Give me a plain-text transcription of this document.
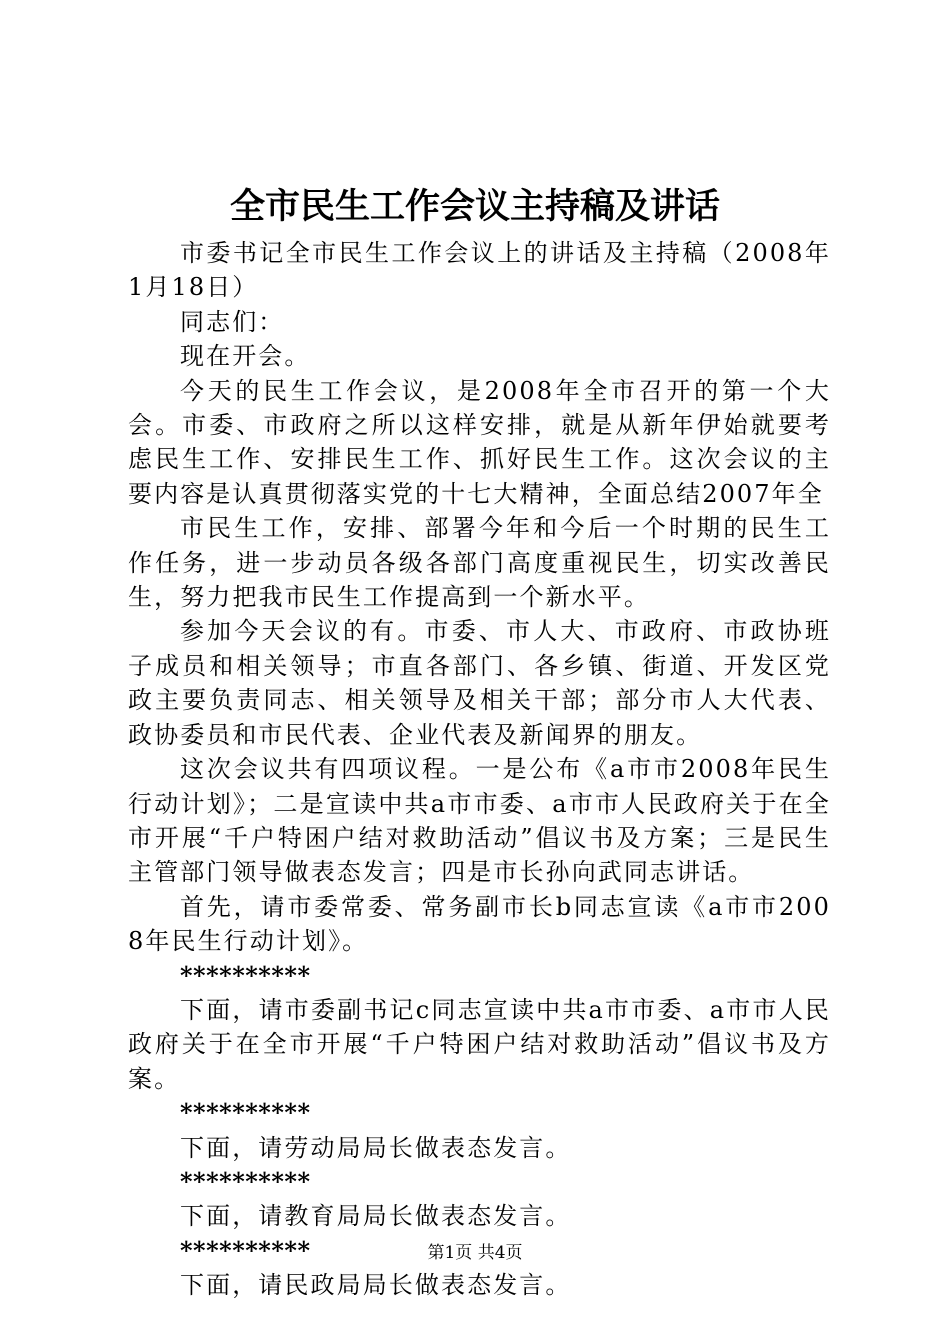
全市民生工作会议主持稿及讲话

市委书记全市民生工作会议上的讲话及主持稿（2008年1月18日）

同志们：

现在开会。

今天的民生工作会议，是2008年全市召开的第一个大会。市委、市政府之所以这样安排，就是从新年伊始就要考虑民生工作、安排民生工作、抓好民生工作。这次会议的主要内容是认真贯彻落实党的十七大精神，全面总结2007年全

市民生工作，安排、部署今年和今后一个时期的民生工作任务，进一步动员各级各部门高度重视民生，切实改善民生，努力把我市民生工作提高到一个新水平。

参加今天会议的有。市委、市人大、市政府、市政协班子成员和相关领导；市直各部门、各乡镇、街道、开发区党政主要负责同志、相关领导及相关干部；部分市人大代表、政协委员和市民代表、企业代表及新闻界的朋友。

这次会议共有四项议程。一是公布《a市市2008年民生行动计划》；二是宣读中共a市市委、a市市人民政府关于在全市开展“千户特困户结对救助活动”倡议书及方案；三是民生主管部门领导做表态发言；四是市长孙向武同志讲话。

首先，请市委常委、常务副市长b同志宣读《a市市2008年民生行动计划》。

**********

下面，请市委副书记c同志宣读中共a市市委、a市市人民政府关于在全市开展“千户特困户结对救助活动”倡议书及方案。

**********

下面，请劳动局局长做表态发言。

**********

下面，请教育局局长做表态发言。

**********

下面，请民政局局长做表态发言。

第1页 共4页
